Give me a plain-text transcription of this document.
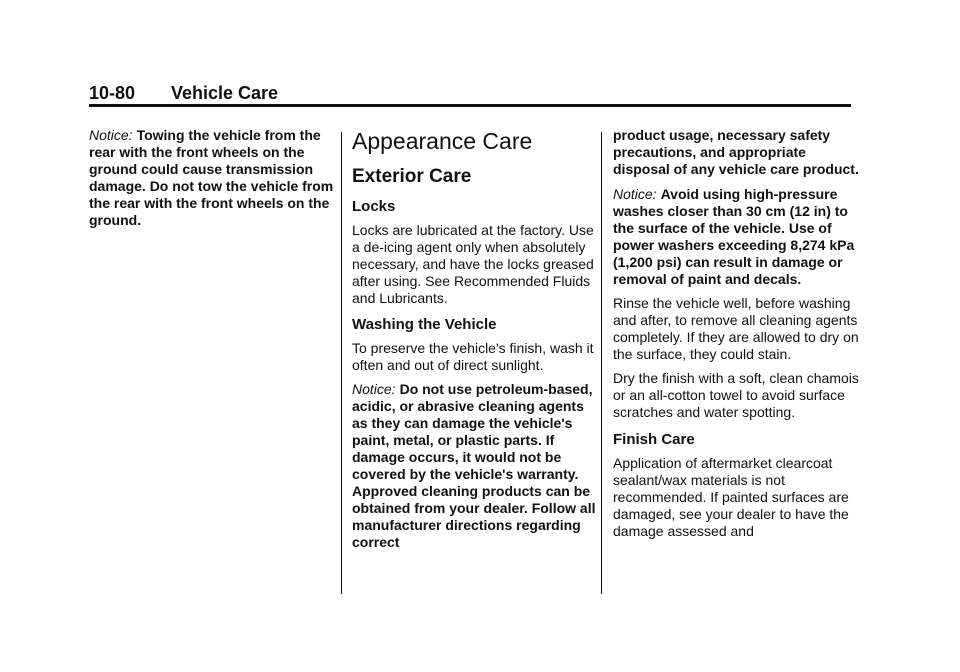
10-80 Vehicle Care

Notice: Towing the vehicle from the rear with the front wheels on the ground could cause transmission damage. Do not tow the vehicle from the rear with the front wheels on the ground.

Appearance Care
Exterior Care
Locks

Locks are lubricated at the factory. Use a de-icing agent only when absolutely necessary, and have the locks greased after using. See Recommended Fluids and Lubricants.

Washing the Vehicle

To preserve the vehicle's finish, wash it often and out of direct sunlight.

Notice: Do not use petroleum-based, acidic, or abrasive cleaning agents as they can damage the vehicle's paint, metal, or plastic parts. If damage occurs, it would not be covered by the vehicle's warranty. Approved cleaning products can be obtained from your dealer. Follow all manufacturer directions regarding correct

product usage, necessary safety precautions, and appropriate disposal of any vehicle care product.

Notice: Avoid using high-pressure washes closer than 30 cm (12 in) to the surface of the vehicle. Use of power washers exceeding 8,274 kPa (1,200 psi) can result in damage or removal of paint and decals.

Rinse the vehicle well, before washing and after, to remove all cleaning agents completely. If they are allowed to dry on the surface, they could stain.

Dry the finish with a soft, clean chamois or an all-cotton towel to avoid surface scratches and water spotting.

Finish Care

Application of aftermarket clearcoat sealant/wax materials is not recommended. If painted surfaces are damaged, see your dealer to have the damage assessed and
